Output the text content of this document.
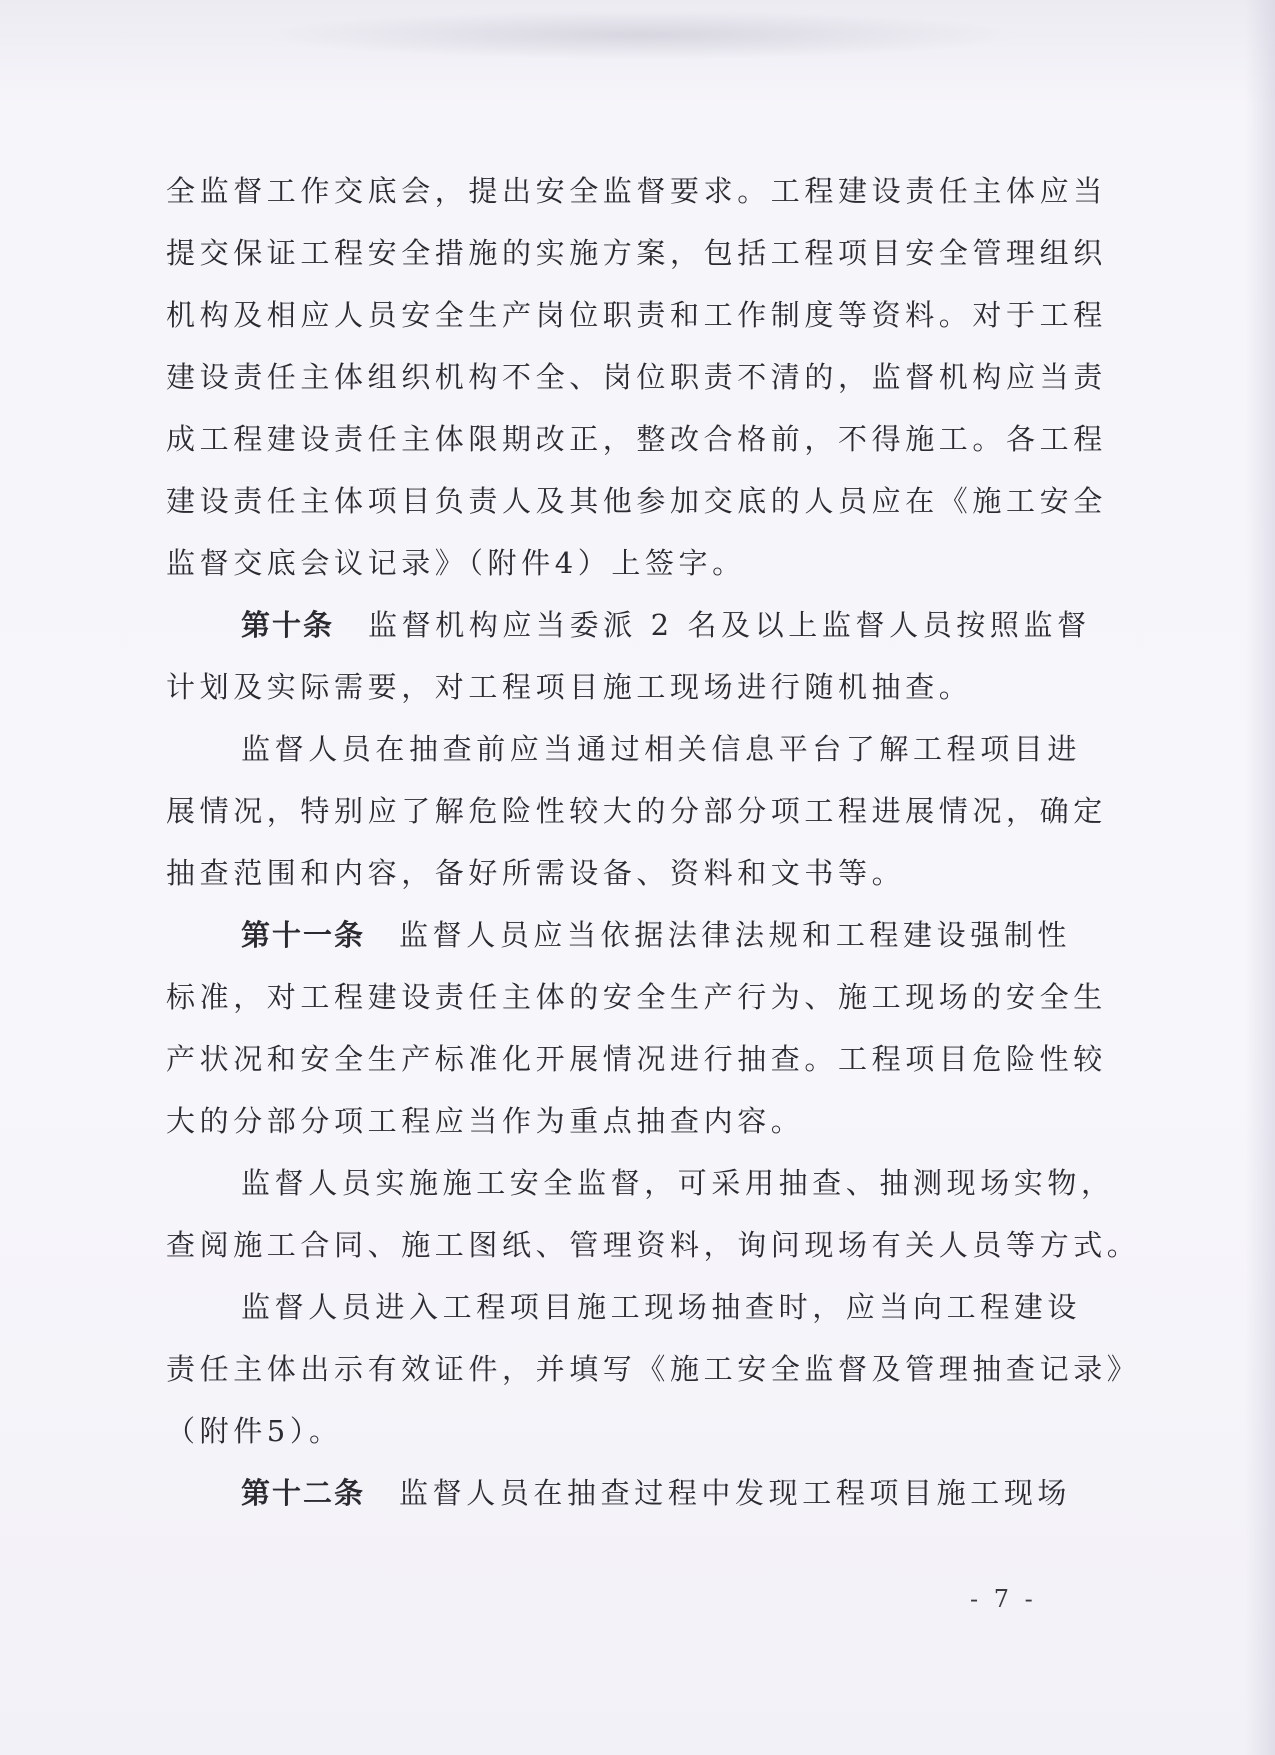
全监督工作交底会，提出安全监督要求。工程建设责任主体应当
提交保证工程安全措施的实施方案，包括工程项目安全管理组织
机构及相应人员安全生产岗位职责和工作制度等资料。对于工程
建设责任主体组织机构不全、岗位职责不清的，监督机构应当责
成工程建设责任主体限期改正，整改合格前，不得施工。各工程
建设责任主体项目负责人及其他参加交底的人员应在《施工安全
监督交底会议记录》（附件4）上签字。
第十条 监督机构应当委派 2 名及以上监督人员按照监督
计划及实际需要，对工程项目施工现场进行随机抽查。
监督人员在抽查前应当通过相关信息平台了解工程项目进
展情况，特别应了解危险性较大的分部分项工程进展情况，确定
抽查范围和内容，备好所需设备、资料和文书等。
第十一条 监督人员应当依据法律法规和工程建设强制性
标准，对工程建设责任主体的安全生产行为、施工现场的安全生
产状况和安全生产标准化开展情况进行抽查。工程项目危险性较
大的分部分项工程应当作为重点抽查内容。
监督人员实施施工安全监督，可采用抽查、抽测现场实物，
查阅施工合同、施工图纸、管理资料，询问现场有关人员等方式。
监督人员进入工程项目施工现场抽查时，应当向工程建设
责任主体出示有效证件，并填写《施工安全监督及管理抽查记录》
（附件5）。
第十二条 监督人员在抽查过程中发现工程项目施工现场
- 7 -
